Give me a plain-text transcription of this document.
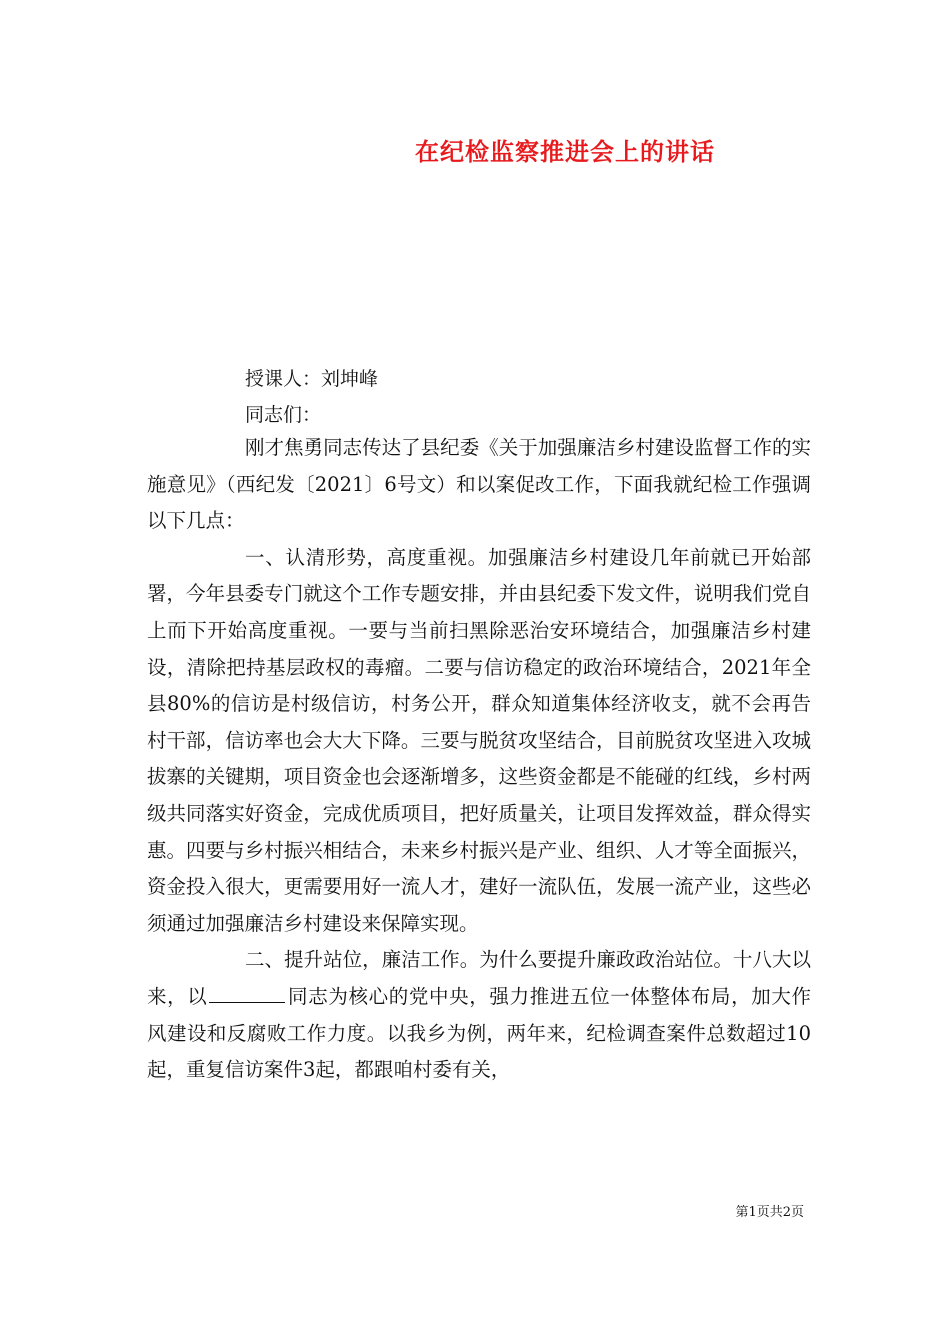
在纪检监察推进会上的讲话

授课人：刘坤峰

同志们：

刚才焦勇同志传达了县纪委《关于加强廉洁乡村建设监督工作的实施意见》（西纪发〔2021〕6号文）和以案促改工作，下面我就纪检工作强调以下几点：

一、认清形势，高度重视。加强廉洁乡村建设几年前就已开始部署，今年县委专门就这个工作专题安排，并由县纪委下发文件，说明我们党自上而下开始高度重视。一要与当前扫黑除恶治安环境结合，加强廉洁乡村建设，清除把持基层政权的毒瘤。二要与信访稳定的政治环境结合，2021年全县80%的信访是村级信访，村务公开，群众知道集体经济收支，就不会再告村干部，信访率也会大大下降。三要与脱贫攻坚结合，目前脱贫攻坚进入攻城拔寨的关键期，项目资金也会逐渐增多，这些资金都是不能碰的红线，乡村两级共同落实好资金，完成优质项目，把好质量关，让项目发挥效益，群众得实惠。四要与乡村振兴相结合，未来乡村振兴是产业、组织、人才等全面振兴，资金投入很大，更需要用好一流人才，建好一流队伍，发展一流产业，这些必须通过加强廉洁乡村建设来保障实现。

二、提升站位，廉洁工作。为什么要提升廉政政治站位。十八大以来，以	同志为核心的党中央，强力推进五位一体整体布局，加大作风建设和反腐败工作力度。以我乡为例，两年来，纪检调查案件总数超过10起，重复信访案件3起，都跟咱村委有关，

第1页共2页
